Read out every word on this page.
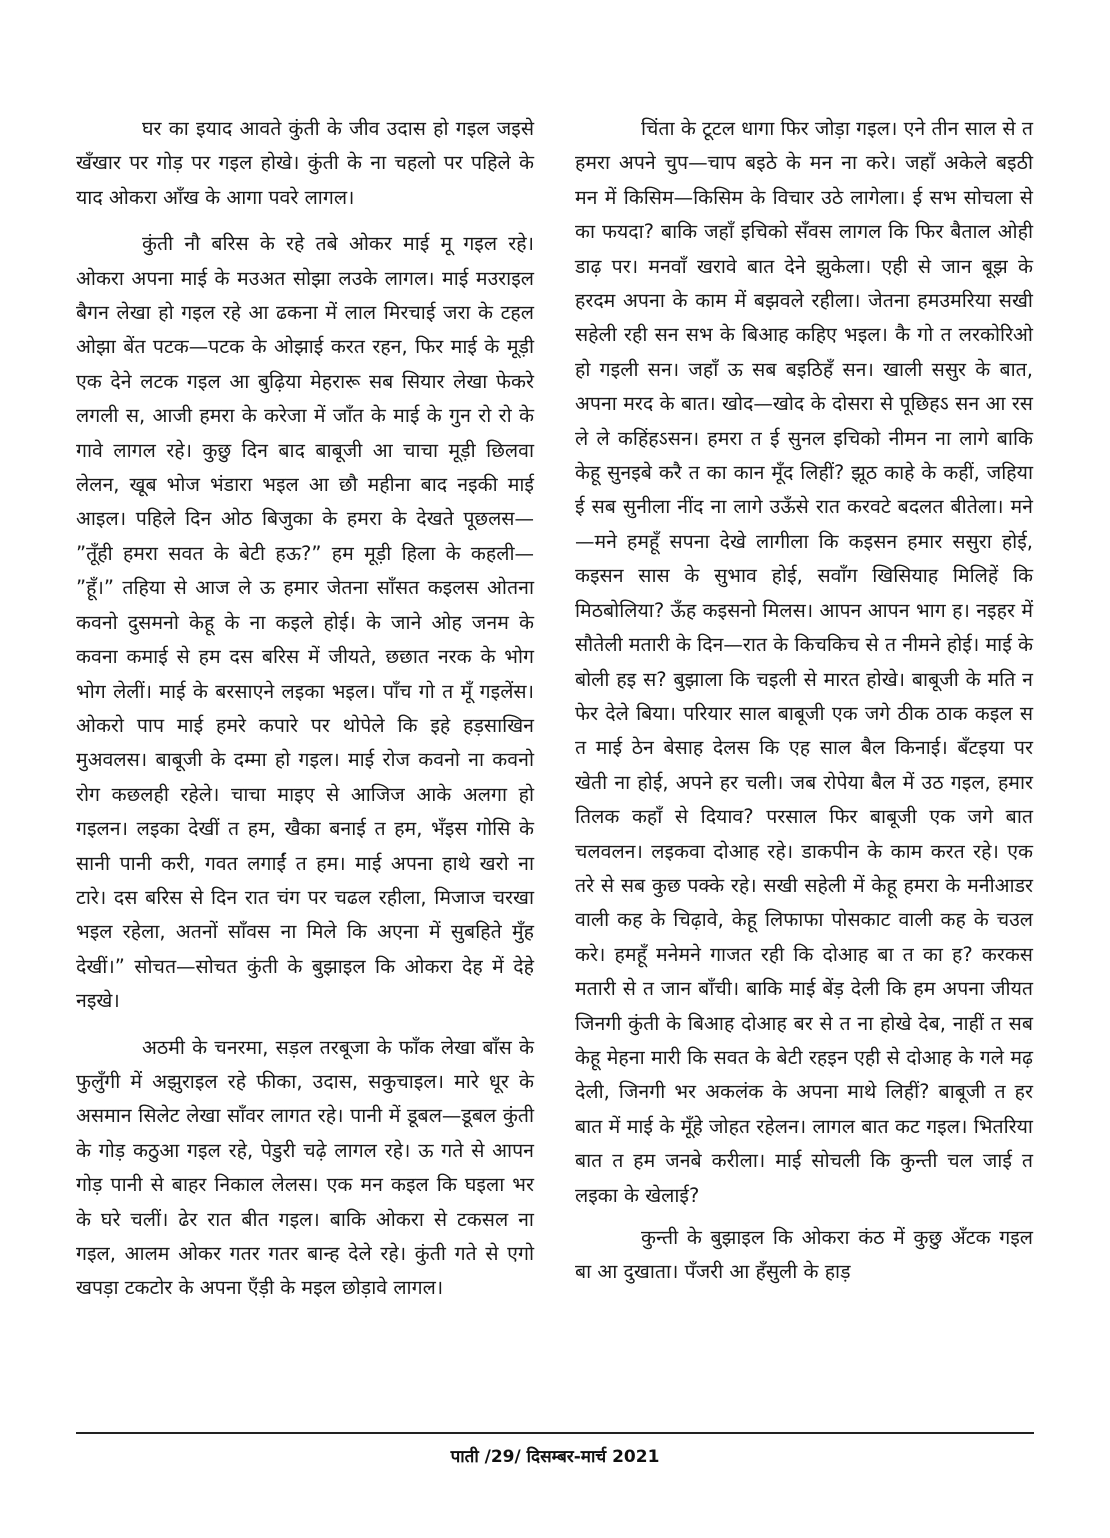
घर का इयाद आवते कुंती के जीव उदास हो गइल जइसे खँखार पर गोड़ पर गइल होखे। कुंती के ना चहलो पर पहिले के याद ओकरा आँख के आगा पवरे लागल।

कुंती नौ बरिस के रहे तबे ओकर माई मू गइल रहे। ओकरा अपना माई के मउअत सोझा लउके लागल। माई मउराइल बैगन लेखा हो गइल रहे आ ढकना में लाल मिरचाई जरा के टहल ओझा बेंत पटक—पटक के ओझाई करत रहन, फिर माई के मूड़ी एक देने लटक गइल आ बुढ़िया मेहरारू सब सियार लेखा फेकरे लगली स, आजी हमरा के करेजा में जाँत के माई के गुन रो रो के गावे लागल रहे। कुछु दिन बाद बाबूजी आ चाचा मूड़ी छिलवा लेलन, खूब भोज भंडारा भइल आ छौ महीना बाद नइकी माई आइल। पहिले दिन ओठ बिजुका के हमरा के देखते पूछलस— ”तूँही हमरा सवत के बेटी हऊ?” हम मूड़ी हिला के कहली— ”हूँ।” तहिया से आज ले ऊ हमार जेतना साँसत कइलस ओतना कवनो दुसमनो केहू के ना कइले होई। के जाने ओह जनम के कवना कमाई से हम दस बरिस में जीयते, छछात नरक के भोग भोग लेलीं। माई के बरसाएने लइका भइल। पाँच गो त मूँ गइलेंस। ओकरो पाप माई हमरे कपारे पर थोपेले कि इहे हड़साखिन मुअवलस। बाबूजी के दम्मा हो गइल। माई रोज कवनो ना कवनो रोग कछलही रहेले। चाचा माइए से आजिज आके अलगा हो गइलन। लइका देखीं त हम, खैका बनाई त हम, भँइस गोसि के सानी पानी करी, गवत लगाईं त हम। माई अपना हाथे खरो ना टारे। दस बरिस से दिन रात चंग पर चढल रहीला, मिजाज चरखा भइल रहेला, अतनों साँवस ना मिले कि अएना में सुबहिते मुँह देखीं।” सोचत—सोचत कुंती के बुझाइल कि ओकरा देह में देहे नइखे।

अठमी के चनरमा, सड़ल तरबूजा के फाँक लेखा बाँस के फुलुँगी में अझुराइल रहे फीका, उदास, सकुचाइल। मारे धूर के असमान सिलेट लेखा साँवर लागत रहे। पानी में डूबल—डूबल कुंती के गोड़ कठुआ गइल रहे, पेडुरी चढ़े लागल रहे। ऊ गते से आपन गोड़ पानी से बाहर निकाल लेलस। एक मन कइल कि घइला भर के घरे चलीं। ढेर रात बीत गइल। बाकि ओकरा से टकसल ना गइल, आलम ओकर गतर गतर बान्ह देले रहे। कुंती गते से एगो खपड़ा टकटोर के अपना एँड़ी के मइल छोड़ावे लागल।

चिंता के टूटल धागा फिर जोड़ा गइल। एने तीन साल से त हमरा अपने चुप—चाप बइठे के मन ना करे। जहाँ अकेले बइठी मन में किसिम—किसिम के विचार उठे लागेला। ई सभ सोचला से का फयदा? बाकि जहाँ इचिको सँवस लागल कि फिर बैताल ओही डाढ़ पर। मनवाँ खरावे बात देने झुकेला। एही से जान बूझ के हरदम अपना के काम में बझवले रहीला। जेतना हमउमरिया सखी सहेली रही सन सभ के बिआह कहिए भइल। कै गो त लरकोरिओ हो गइली सन। जहाँ ऊ सब बइठिहँ सन। खाली ससुर के बात, अपना मरद के बात। खोद—खोद के दोसरा से पूछिहऽ सन आ रस ले ले कहिंहऽसन। हमरा त ई सुनल इचिको नीमन ना लागे बाकि केहू सुनइबे करै त का कान मूँद लिहीं? झूठ काहे के कहीं, जहिया ई सब सुनीला नींद ना लागे उऊँसे रात करवटे बदलत बीतेला। मने—मने हमहूँ सपना देखे लागीला कि कइसन हमार ससुरा होई, कइसन सास के सुभाव होई, सवाँग खिसियाह मिलिहें कि मिठबोलिया? ऊँह कइसनो मिलस। आपन आपन भाग ह। नइहर में सौतेली मतारी के दिन—रात के किचकिच से त नीमने होई। माई के बोली हइ स? बुझाला कि चइली से मारत होखे। बाबूजी के मति न फेर देले बिया। परियार साल बाबूजी एक जगे ठीक ठाक कइल स त माई ठेन बेसाह देलस कि एह साल बैल किनाई। बँटइया पर खेती ना होई, अपने हर चली। जब रोपेया बैल में उठ गइल, हमार तिलक कहाँ से दियाव? परसाल फिर बाबूजी एक जगे बात चलवलन। लइकवा दोआह रहे। डाकपीन के काम करत रहे। एक तरे से सब कुछ पक्के रहे। सखी सहेली में केहू हमरा के मनीआडर वाली कह के चिढ़ावे, केहू लिफाफा पोसकाट वाली कह के चउल करे। हमहूँ मनेमने गाजत रही कि दोआह बा त का ह? करकस मतारी से त जान बाँची। बाकि माई बेंड़ देली कि हम अपना जीयत जिनगी कुंती के बिआह दोआह बर से त ना होखे देब, नाहीं त सब केहू मेहना मारी कि सवत के बेटी रहइन एही से दोआह के गले मढ़ देली, जिनगी भर अकलंक के अपना माथे लिहीं? बाबूजी त हर बात में माई के मूँहे जोहत रहेलन। लागल बात कट गइल। भितरिया बात त हम जनबे करीला। माई सोचली कि कुन्ती चल जाई त लइका के खेलाई?

कुन्ती के बुझाइल कि ओकरा कंठ में कुछु अँटक गइल बा आ दुखाता। पँजरी आ हँसुली के हाड़

पाती /29/ दिसम्बर-मार्च 2021
